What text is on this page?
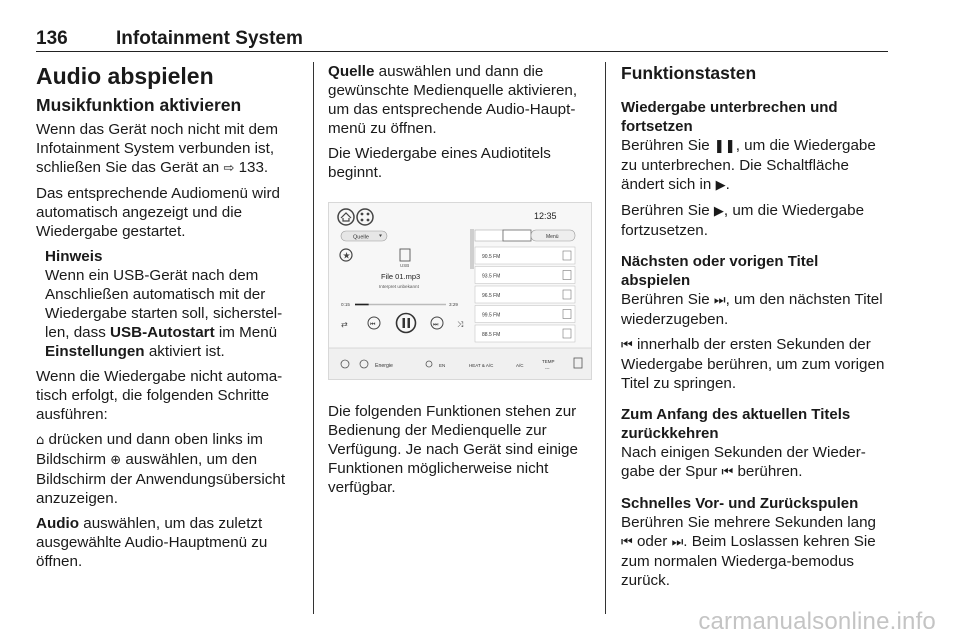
136	Infotainment System
Audio abspielen
Musikfunktion aktivieren

Wenn das Gerät noch nicht mit dem Infotainment System verbunden ist, schließen Sie das Gerät an ⇨ 133.

Das entsprechende Audiomenü wird automatisch angezeigt und die Wiedergabe gestartet.

Hinweis

Wenn ein USB-Gerät nach dem Anschließen automatisch mit der Wiedergabe starten soll, sicherstel-len, dass USB-Autostart im Menü Einstellungen aktiviert ist.

Wenn die Wiedergabe nicht automa-tisch erfolgt, die folgenden Schritte ausführen:

⌂ drücken und dann oben links im Bildschirm ⊕ auswählen, um den Bildschirm der Anwendungsübersicht anzuzeigen.

Audio auswählen, um das zuletzt ausgewählte Audio-Hauptmenü zu öffnen.

Quelle auswählen und dann die gewünschte Medienquelle aktivieren, um das entsprechende Audio-Haupt-menü zu öffnen.

Die Wiedergabe eines Audiotitels beginnt.

12:35
Quelle
★
USB
File 01.mp3
Interpret unbekannt
0:15	3:29
⇄	⏮	⏭ ⤨
Menü
90.5 FM
93.5 FM
96.5 FM
99.5 FM
88.5 FM
Energie	EN	HEAT & A/C	A/C
TEMP
---

Die folgenden Funktionen stehen zur Bedienung der Medienquelle zur Verfügung. Je nach Gerät sind einige Funktionen möglicherweise nicht verfügbar.

Funktionstasten
Wiedergabe unterbrechen und fortsetzen

Berühren Sie ❚❚, um die Wiedergabe zu unterbrechen. Die Schaltfläche ändert sich in ▶.

Berühren Sie ▶, um die Wiedergabe fortzusetzen.

Nächsten oder vorigen Titel abspielen

Berühren Sie ⏭, um den nächsten Titel wiederzugeben.

⏮ innerhalb der ersten Sekunden der Wiedergabe berühren, um zum vorigen Titel zu springen.

Zum Anfang des aktuellen Titels zurückkehren

Nach einigen Sekunden der Wieder-gabe der Spur ⏮ berühren.

Schnelles Vor- und Zurückspulen

Berühren Sie mehrere Sekunden lang ⏮ oder ⏭. Beim Loslassen kehren Sie zum normalen Wiederga-bemodus zurück.

carmanualsonline.info
